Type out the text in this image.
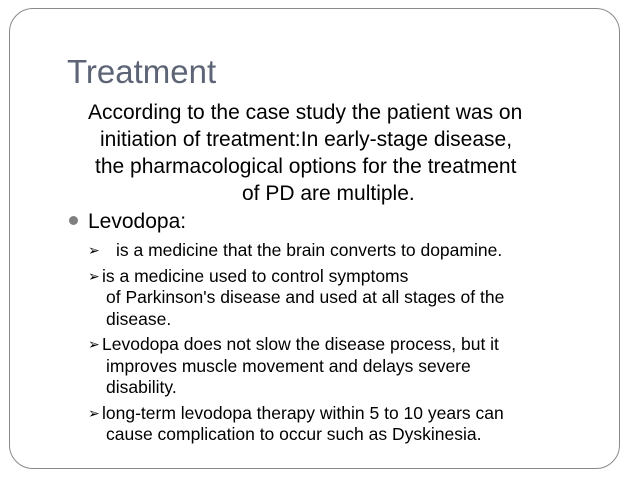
Treatment
According to the case study the patient was on
initiation of treatment:In early-stage disease,
the pharmacological options for the treatment
of PD are multiple.
Levodopa:
➢ is a medicine that the brain converts to dopamine.
➢ is a medicine used to control symptoms
of Parkinson's disease and used at all stages of the
disease.
➢ Levodopa does not slow the disease process, but it
improves muscle movement and delays severe
disability.
➢ long-term levodopa therapy within 5 to 10 years can
cause complication to occur such as Dyskinesia.
